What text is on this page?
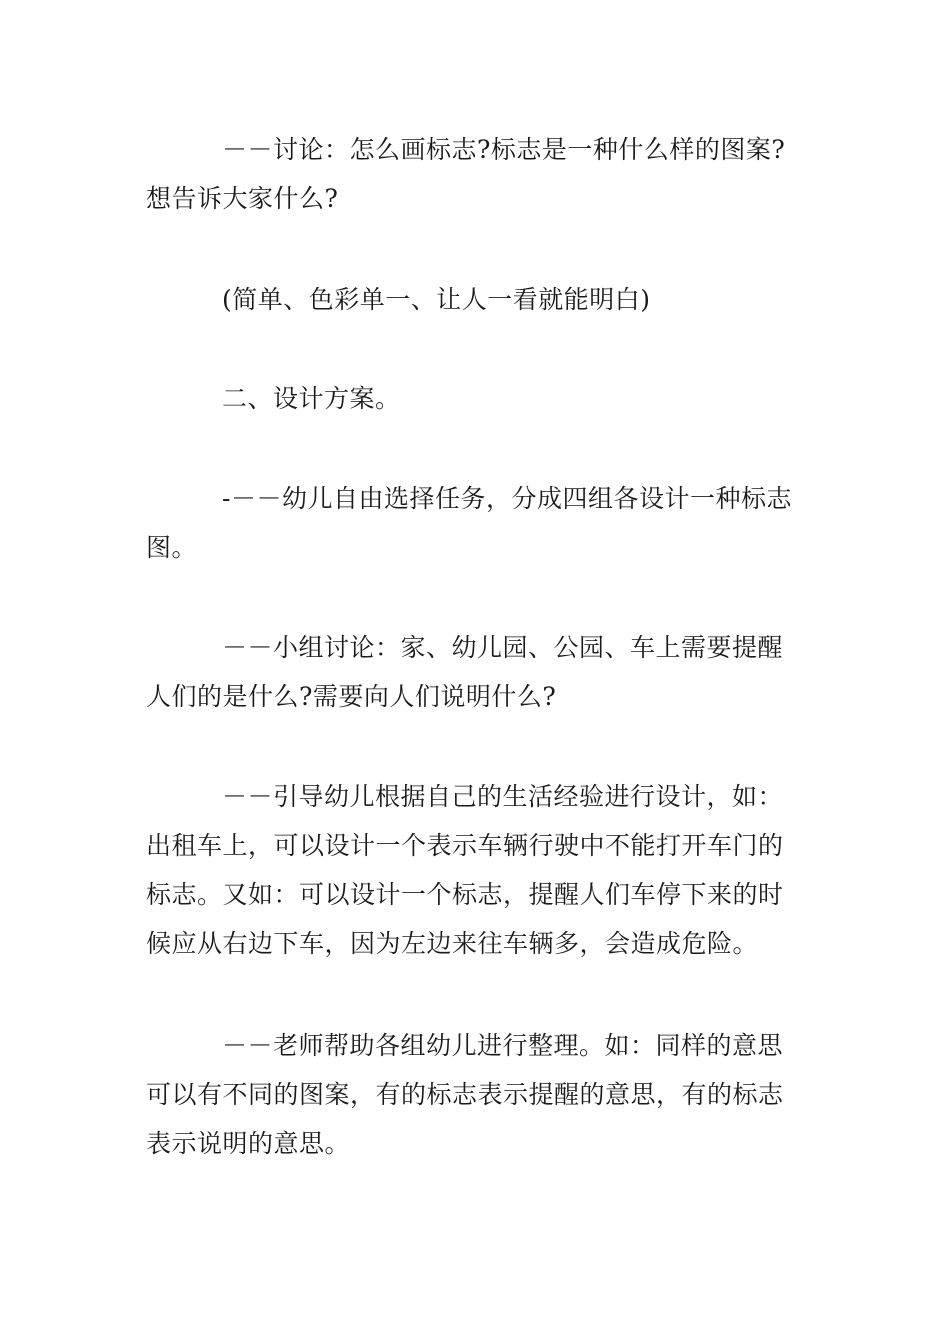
－－讨论：怎么画标志?标志是一种什么样的图案?
想告诉大家什么?
(简单、色彩单一、让人一看就能明白)
二、设计方案。
-－－幼儿自由选择任务，分成四组各设计一种标志
图。
－－小组讨论：家、幼儿园、公园、车上需要提醒
人们的是什么?需要向人们说明什么?
－－引导幼儿根据自己的生活经验进行设计，如：
出租车上，可以设计一个表示车辆行驶中不能打开车门的
标志。又如：可以设计一个标志，提醒人们车停下来的时
候应从右边下车，因为左边来往车辆多，会造成危险。
－－老师帮助各组幼儿进行整理。如：同样的意思
可以有不同的图案，有的标志表示提醒的意思，有的标志
表示说明的意思。
